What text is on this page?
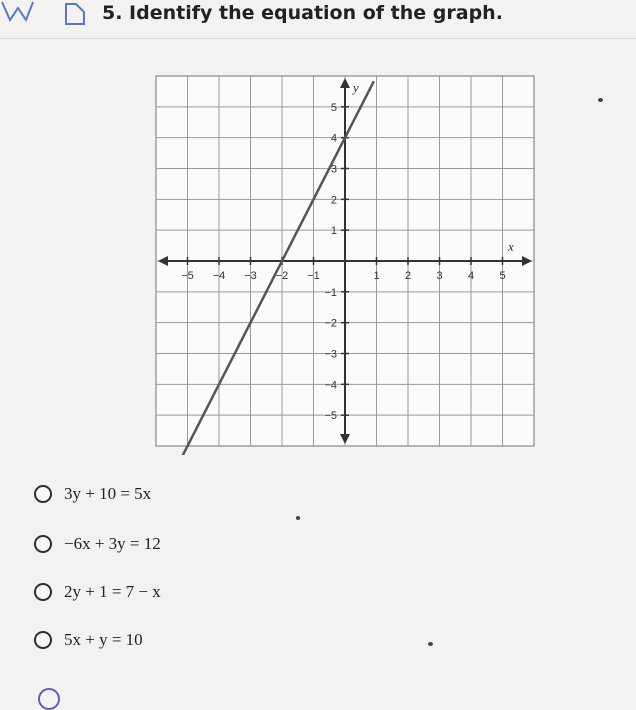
5. Identify the equation of the graph.
−5 −4 −3 −2 −1	1 2 3 4 5
5
4
3
2
1
−1
−2
−3
−4
−5
x
y
3y + 10 = 5x
−6x + 3y = 12
2y + 1 = 7 − x
5x + y = 10
